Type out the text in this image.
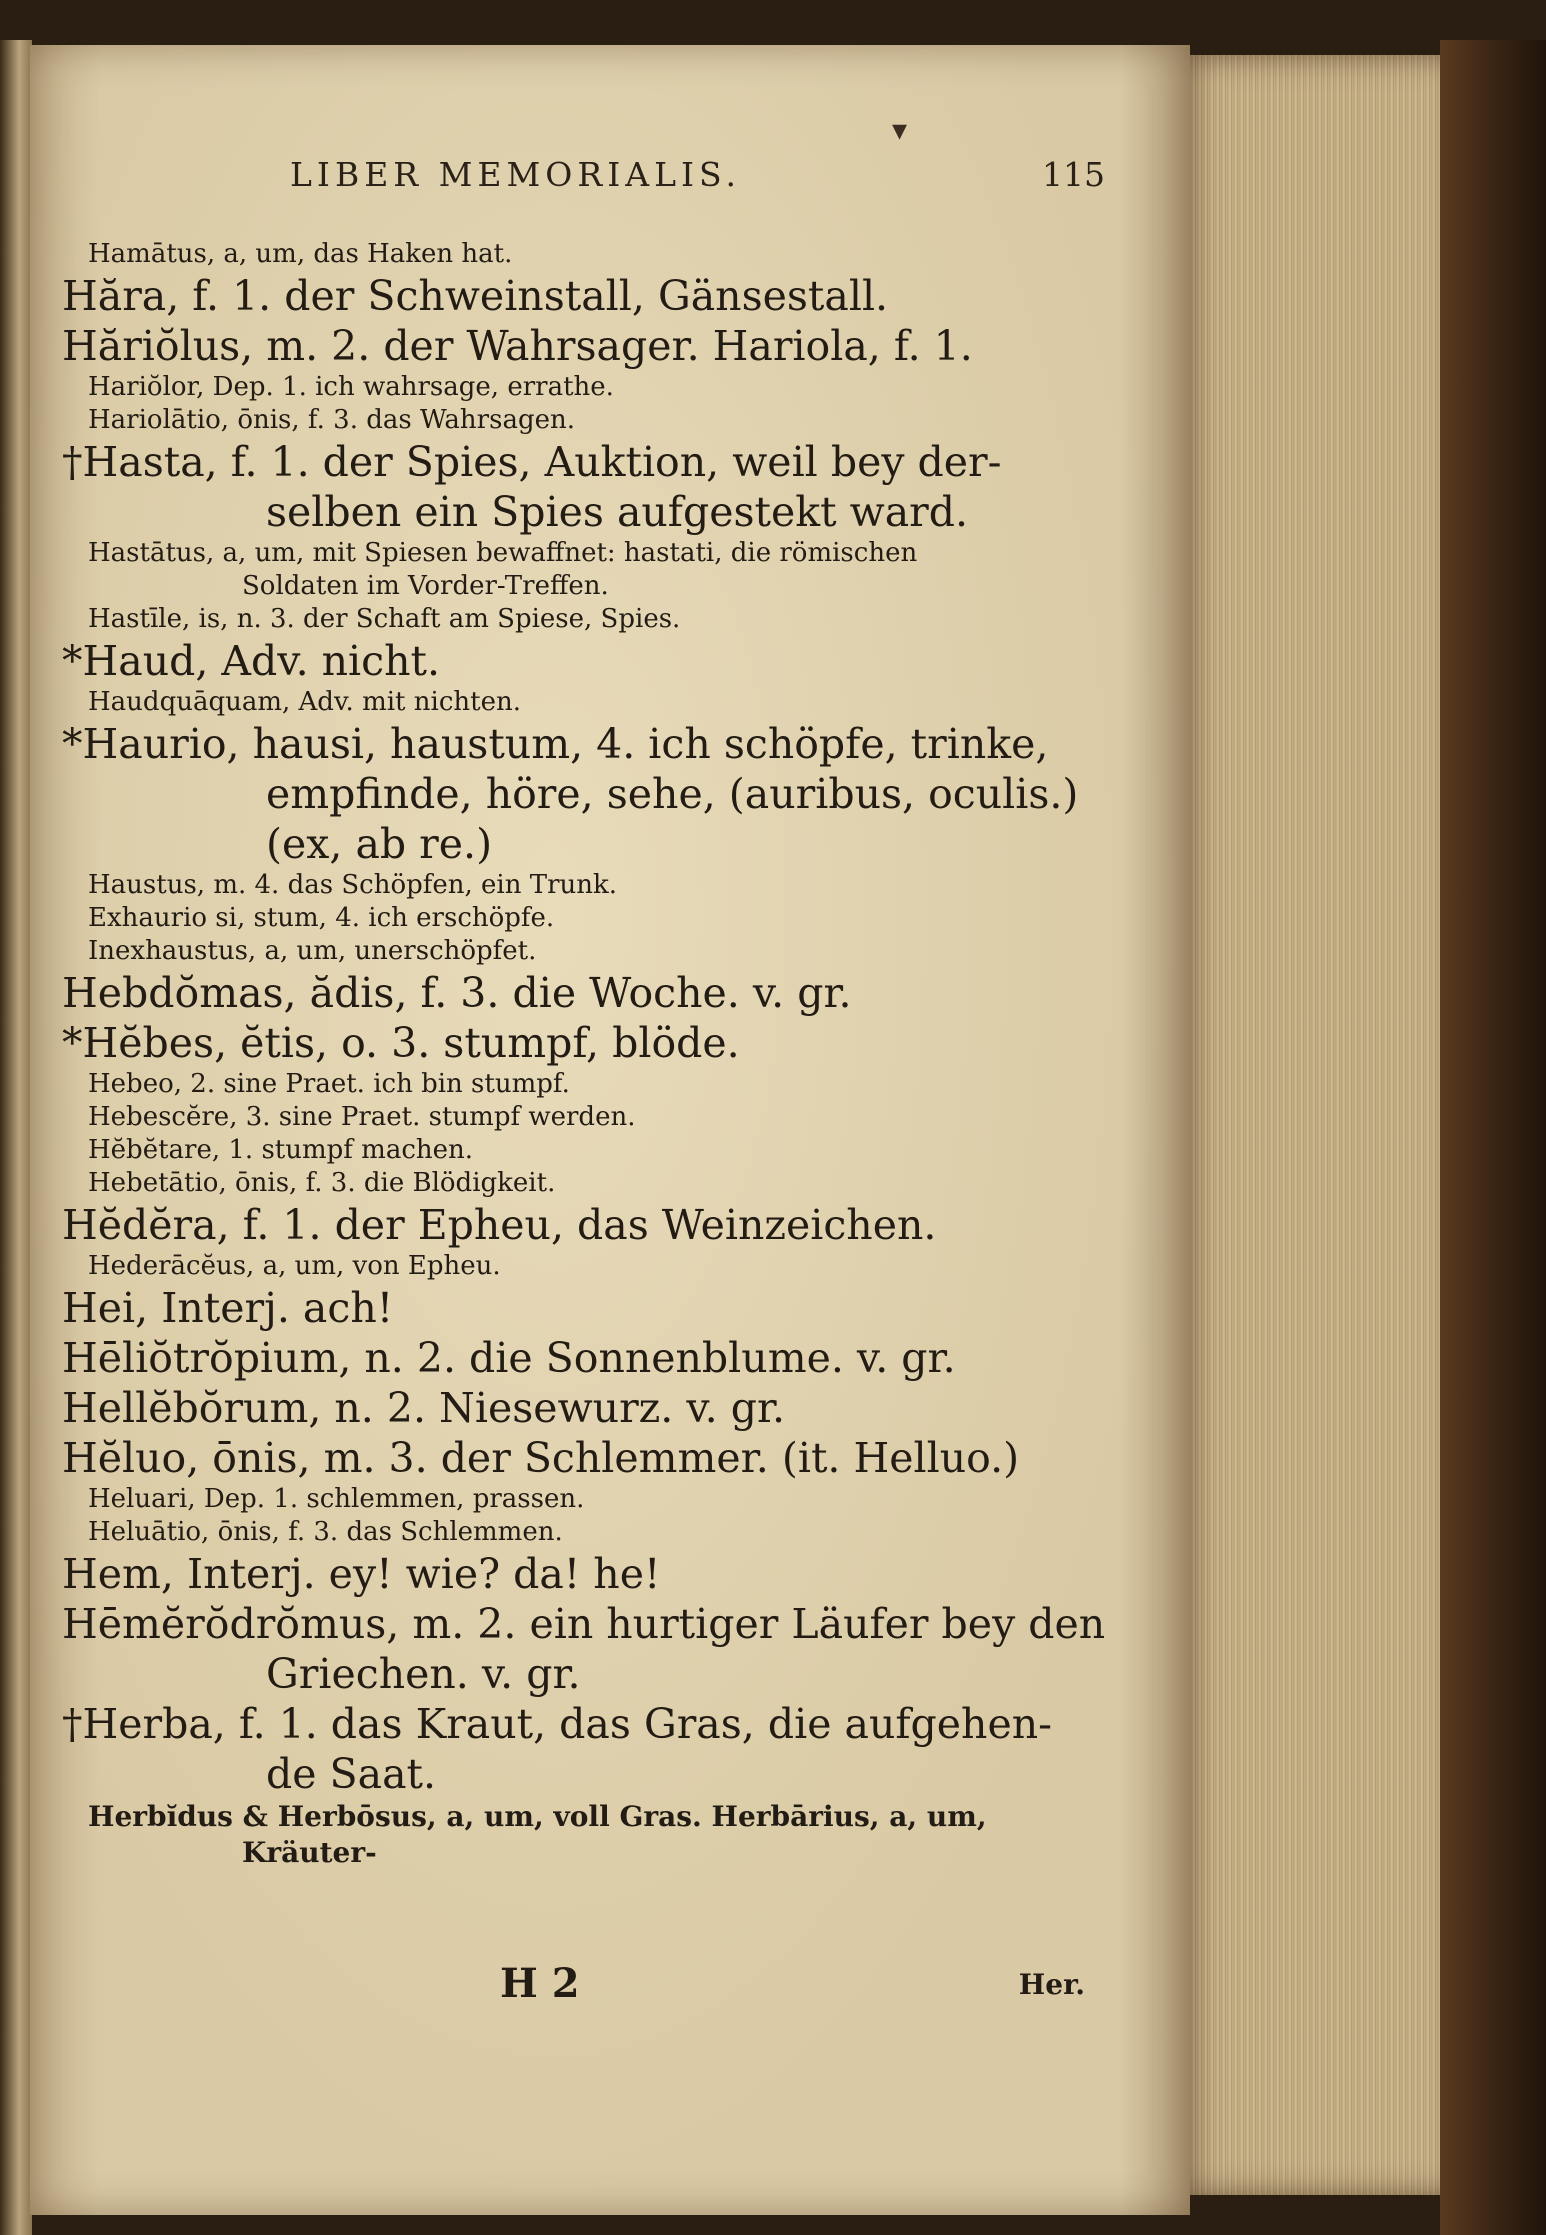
▾
LIBER MEMORIALIS.	115
Hamātus, a, um, das Haken hat.
Hăra, f. 1. der Schweinstall, Gänsestall.
Hăriŏlus, m. 2. der Wahrsager. Hariola, f. 1.
Hariŏlor, Dep. 1. ich wahrsage, errathe.
Hariolātio, ōnis, f. 3. das Wahrsagen.
†Hasta, f. 1. der Spies, Auktion, weil bey der-
selben ein Spies aufgestekt ward.
Hastātus, a, um, mit Spiesen bewaffnet: hastati, die römischen
Soldaten im Vorder-Treffen.
Hastīle, is, n. 3. der Schaft am Spiese, Spies.
*Haud, Adv. nicht.
Haudquāquam, Adv. mit nichten.
*Haurio, hausi, haustum, 4. ich schöpfe, trinke,
empfinde, höre, sehe, (auribus, oculis.)
(ex, ab re.)
Haustus, m. 4. das Schöpfen, ein Trunk.
Exhaurio si, stum, 4. ich erschöpfe.
Inexhaustus, a, um, unerschöpfet.
Hebdŏmas, ădis, f. 3. die Woche. v. gr.
*Hĕbes, ĕtis, o. 3. stumpf, blöde.
Hebeo, 2. sine Praet. ich bin stumpf.
Hebescĕre, 3. sine Praet. stumpf werden.
Hĕbĕtare, 1. stumpf machen.
Hebetātio, ōnis, f. 3. die Blödigkeit.
Hĕdĕra, f. 1. der Epheu, das Weinzeichen.
Hederācĕus, a, um, von Epheu.
Hei, Interj. ach!
Hēliŏtrŏpium, n. 2. die Sonnenblume. v. gr.
Hellĕbŏrum, n. 2. Niesewurz. v. gr.
Hĕluo, ōnis, m. 3. der Schlemmer. (it. Helluo.)
Heluari, Dep. 1. schlemmen, prassen.
Heluātio, ōnis, f. 3. das Schlemmen.
Hem, Interj. ey! wie? da! he!
Hēmĕrŏdrŏmus, m. 2. ein hurtiger Läufer bey den
Griechen. v. gr.
†Herba, f. 1. das Kraut, das Gras, die aufgehen-
de Saat.
Herbĭdus & Herbōsus, a, um, voll Gras. Herbārius, a, um,
Kräuter-
H 2	Her.
